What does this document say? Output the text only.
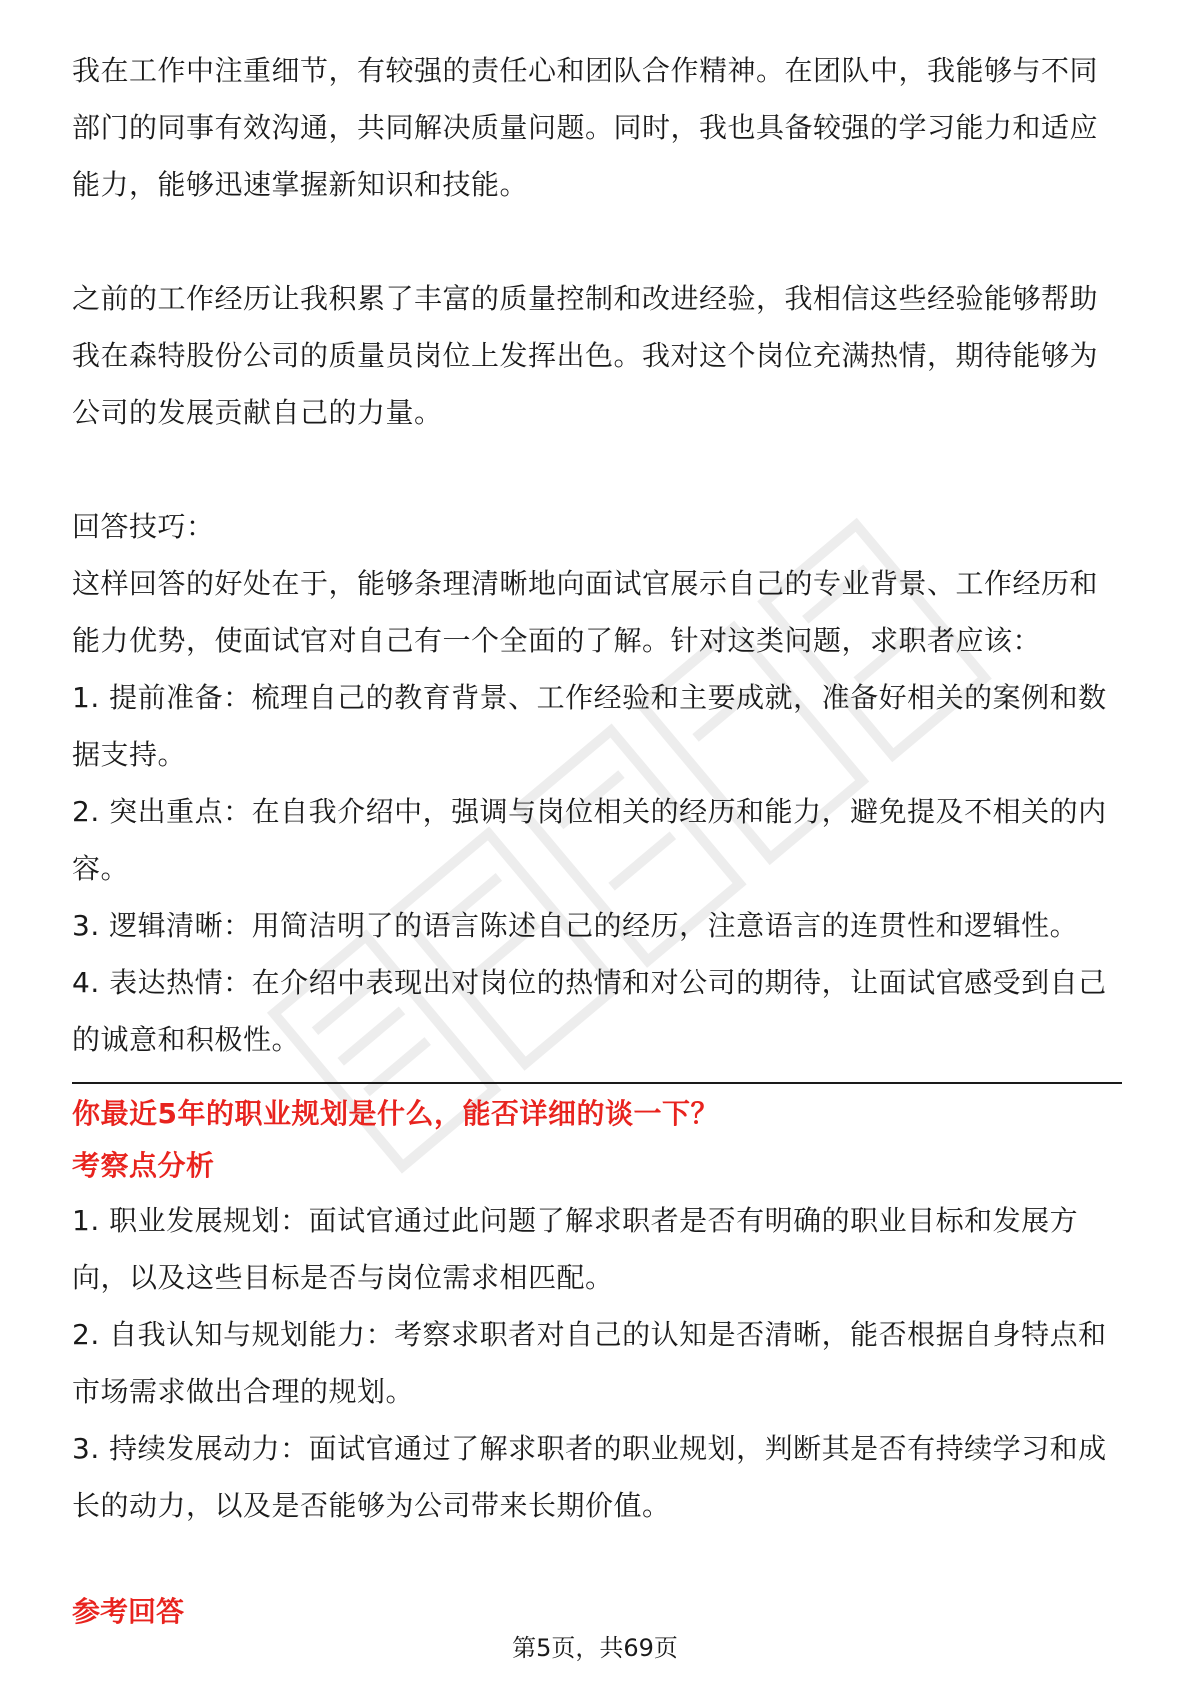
我在工作中注重细节，有较强的责任心和团队合作精神。在团队中，我能够与不同部门的同事有效沟通，共同解决质量问题。同时，我也具备较强的学习能力和适应能力，能够迅速掌握新知识和技能。

之前的工作经历让我积累了丰富的质量控制和改进经验，我相信这些经验能够帮助我在森特股份公司的质量员岗位上发挥出色。我对这个岗位充满热情，期待能够为公司的发展贡献自己的力量。

回答技巧：

这样回答的好处在于，能够条理清晰地向面试官展示自己的专业背景、工作经历和能力优势，使面试官对自己有一个全面的了解。针对这类问题，求职者应该：

1. 提前准备：梳理自己的教育背景、工作经验和主要成就，准备好相关的案例和数据支持。

2. 突出重点：在自我介绍中，强调与岗位相关的经历和能力，避免提及不相关的内容。

3. 逻辑清晰：用简洁明了的语言陈述自己的经历，注意语言的连贯性和逻辑性。

4. 表达热情：在介绍中表现出对岗位的热情和对公司的期待，让面试官感受到自己的诚意和积极性。

你最近5年的职业规划是什么，能否详细的谈一下？

考察点分析

1. 职业发展规划：面试官通过此问题了解求职者是否有明确的职业目标和发展方向，以及这些目标是否与岗位需求相匹配。

2. 自我认知与规划能力：考察求职者对自己的认知是否清晰，能否根据自身特点和市场需求做出合理的规划。

3. 持续发展动力：面试官通过了解求职者的职业规划，判断其是否有持续学习和成长的动力，以及是否能够为公司带来长期价值。

参考回答

第5页，共69页
